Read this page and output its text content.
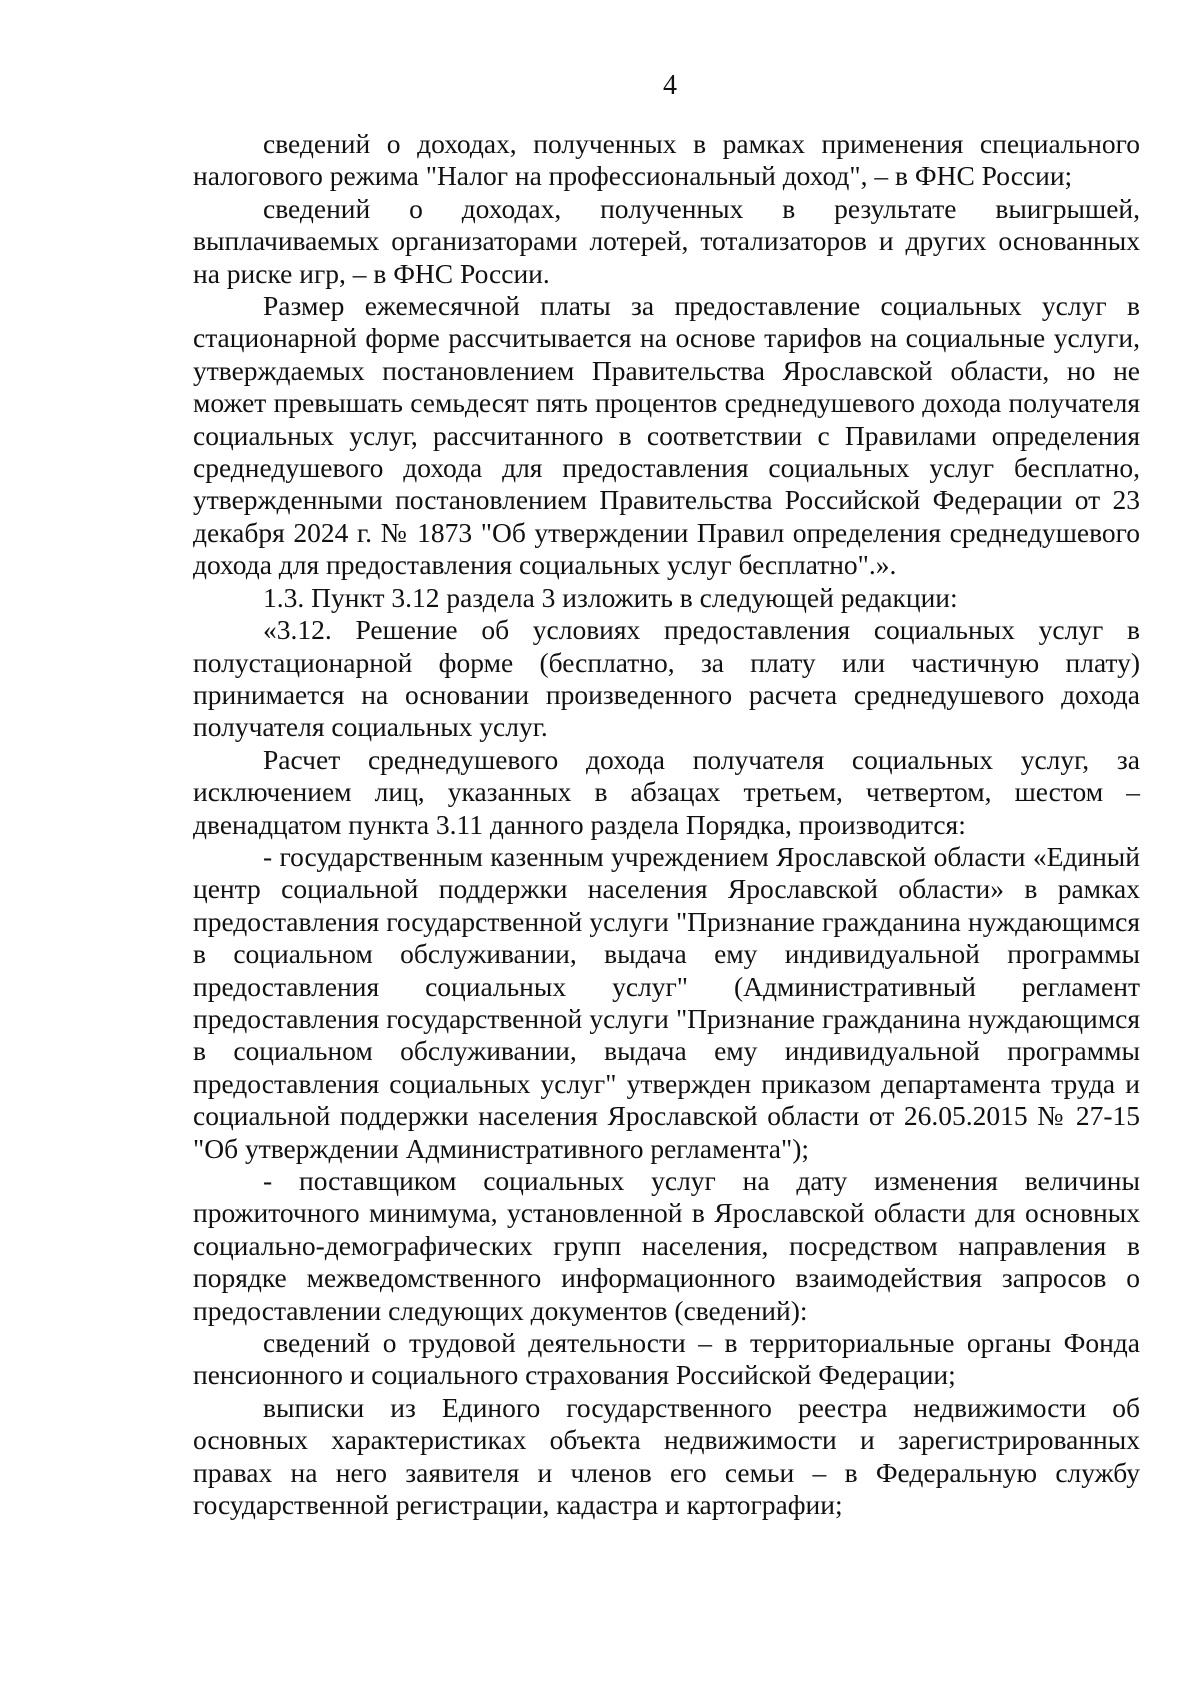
4

сведений о доходах, полученных в рамках применения специального налогового режима "Налог на профессиональный доход", – в ФНС России;

сведений о доходах, полученных в результате выигрышей, выплачиваемых организаторами лотерей, тотализаторов и других основанных на риске игр, – в ФНС России.

Размер ежемесячной платы за предоставление социальных услуг в стационарной форме рассчитывается на основе тарифов на социальные услуги, утверждаемых постановлением Правительства Ярославской области, но не может превышать семьдесят пять процентов среднедушевого дохода получателя социальных услуг, рассчитанного в соответствии с Правилами определения среднедушевого дохода для предоставления социальных услуг бесплатно, утвержденными постановлением Правительства Российской Федерации от 23 декабря 2024 г. № 1873 "Об утверждении Правил определения среднедушевого дохода для предоставления социальных услуг бесплатно".».

1.3. Пункт 3.12 раздела 3 изложить в следующей редакции:

«3.12. Решение об условиях предоставления социальных услуг в полустационарной форме (бесплатно, за плату или частичную плату) принимается на основании произведенного расчета среднедушевого дохода получателя социальных услуг.

Расчет среднедушевого дохода получателя социальных услуг, за исключением лиц, указанных в абзацах третьем, четвертом, шестом – двенадцатом пункта 3.11 данного раздела Порядка, производится:

- государственным казенным учреждением Ярославской области «Единый центр социальной поддержки населения Ярославской области» в рамках предоставления государственной услуги "Признание гражданина нуждающимся в социальном обслуживании, выдача ему индивидуальной программы предоставления социальных услуг" (Административный регламент предоставления государственной услуги "Признание гражданина нуждающимся в социальном обслуживании, выдача ему индивидуальной программы предоставления социальных услуг" утвержден приказом департамента труда и социальной поддержки населения Ярославской области от 26.05.2015 № 27-15 "Об утверждении Административного регламента");

- поставщиком социальных услуг на дату изменения величины прожиточного минимума, установленной в Ярославской области для основных социально-демографических групп населения, посредством направления в порядке межведомственного информационного взаимодействия запросов о предоставлении следующих документов (сведений):

сведений о трудовой деятельности – в территориальные органы Фонда пенсионного и социального страхования Российской Федерации;

выписки из Единого государственного реестра недвижимости об основных характеристиках объекта недвижимости и зарегистрированных правах на него заявителя и членов его семьи – в Федеральную службу государственной регистрации, кадастра и картографии;
